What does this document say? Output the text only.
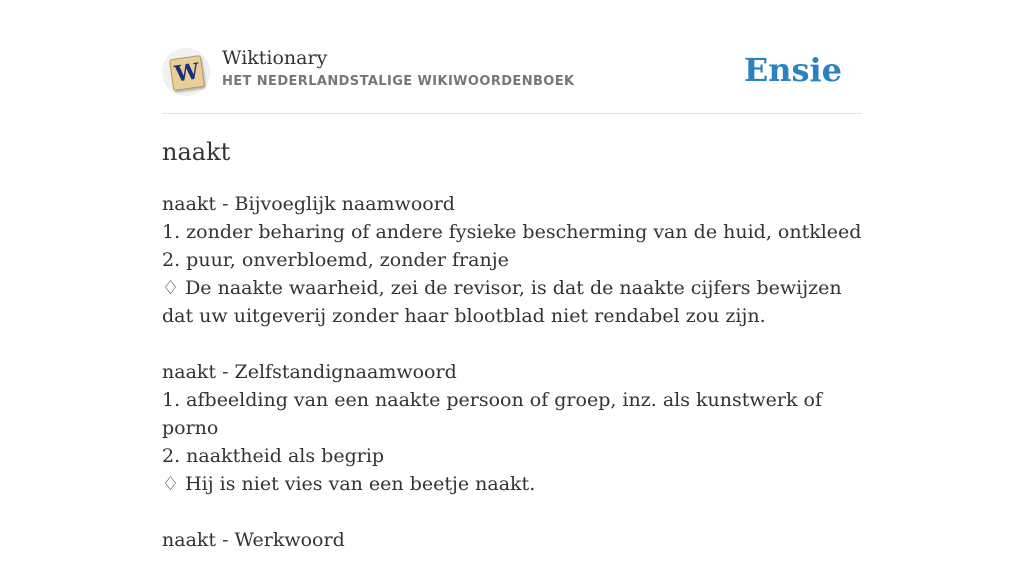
W
Wiktionary
HET NEDERLANDSTALIGE WIKIWOORDENBOEK	Ensie
naakt
naakt - Bijvoeglijk naamwoord
1. zonder beharing of andere fysieke bescherming van de huid, ontkleed
2. puur, onverbloemd, zonder franje
♢ De naakte waarheid, zei de revisor, is dat de naakte cijfers bewijzen dat uw uitgeverij zonder haar blootblad niet rendabel zou zijn.
naakt - Zelfstandignaamwoord
1. afbeelding van een naakte persoon of groep, inz. als kunstwerk of porno
2. naaktheid als begrip
♢ Hij is niet vies van een beetje naakt.
naakt - Werkwoord
